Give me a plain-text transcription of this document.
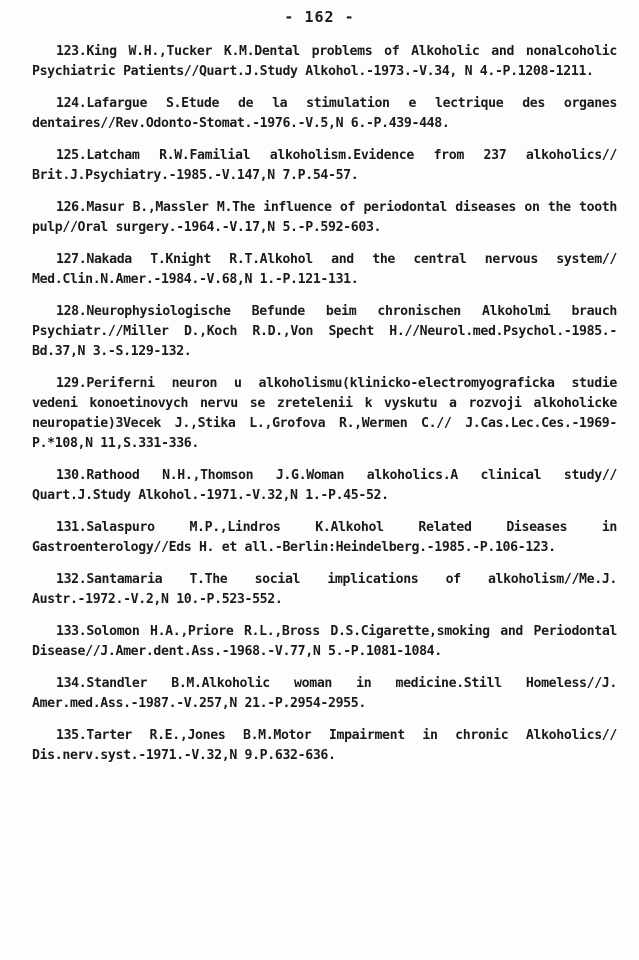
- 162 -

123.King W.H.,Tucker K.M.Dental problems of Alkoholic and nonalcoholic Psychiatric Patients//Quart.J.Study Alkohol.-1973.-V.34, N 4.-P.1208-1211.

124.Lafargue S.Etude de la stimulation e lectrique des organes dentaires//Rev.Odonto-Stomat.-1976.-V.5,N 6.-P.439-448.

125.Latcham R.W.Familial alkoholism.Evidence from 237 alkoholics// Brit.J.Psychiatry.-1985.-V.147,N 7.P.54-57.

126.Masur B.,Massler M.The influence of periodontal diseases on the tooth pulp//Oral surgery.-1964.-V.17,N 5.-P.592-603.

127.Nakada T.Knight R.T.Alkohol and the central nervous system// Med.Clin.N.Amer.-1984.-V.68,N 1.-P.121-131.

128.Neurophysiologische Befunde beim chronischen Alkoholmi brauch Psychiatr.//Miller D.,Koch R.D.,Von Specht H.//Neurol.med.Psychol.-1985.-Bd.37,N 3.-S.129-132.

129.Periferni neuron u alkoholismu(klinicko-electromyograficka studie vedeni konoetinovych nervu se zretelenii k vyskutu a rozvoji alkoholicke neuropatie)3Vecek J.,Stika L.,Grofova R.,Wermen C.// J.Cas.Lec.Ces.-1969-P.*108,N 11,S.331-336.

130.Rathood N.H.,Thomson J.G.Woman alkoholics.A clinical study// Quart.J.Study Alkohol.-1971.-V.32,N 1.-P.45-52.

131.Salaspuro M.P.,Lindros K.Alkohol Related Diseases in Gastroenterology//Eds H. et all.-Berlin:Heindelberg.-1985.-P.106-123.

132.Santamaria T.The social implications of alkoholism//Me.J. Austr.-1972.-V.2,N 10.-P.523-552.

133.Solomon H.A.,Priore R.L.,Bross D.S.Cigarette,smoking and Periodontal Disease//J.Amer.dent.Ass.-1968.-V.77,N 5.-P.1081-1084.

134.Standler B.M.Alkoholic woman in medicine.Still Homeless//J. Amer.med.Ass.-1987.-V.257,N 21.-P.2954-2955.

135.Tarter R.E.,Jones B.M.Motor Impairment in chronic Alkoholics// Dis.nerv.syst.-1971.-V.32,N 9.P.632-636.
